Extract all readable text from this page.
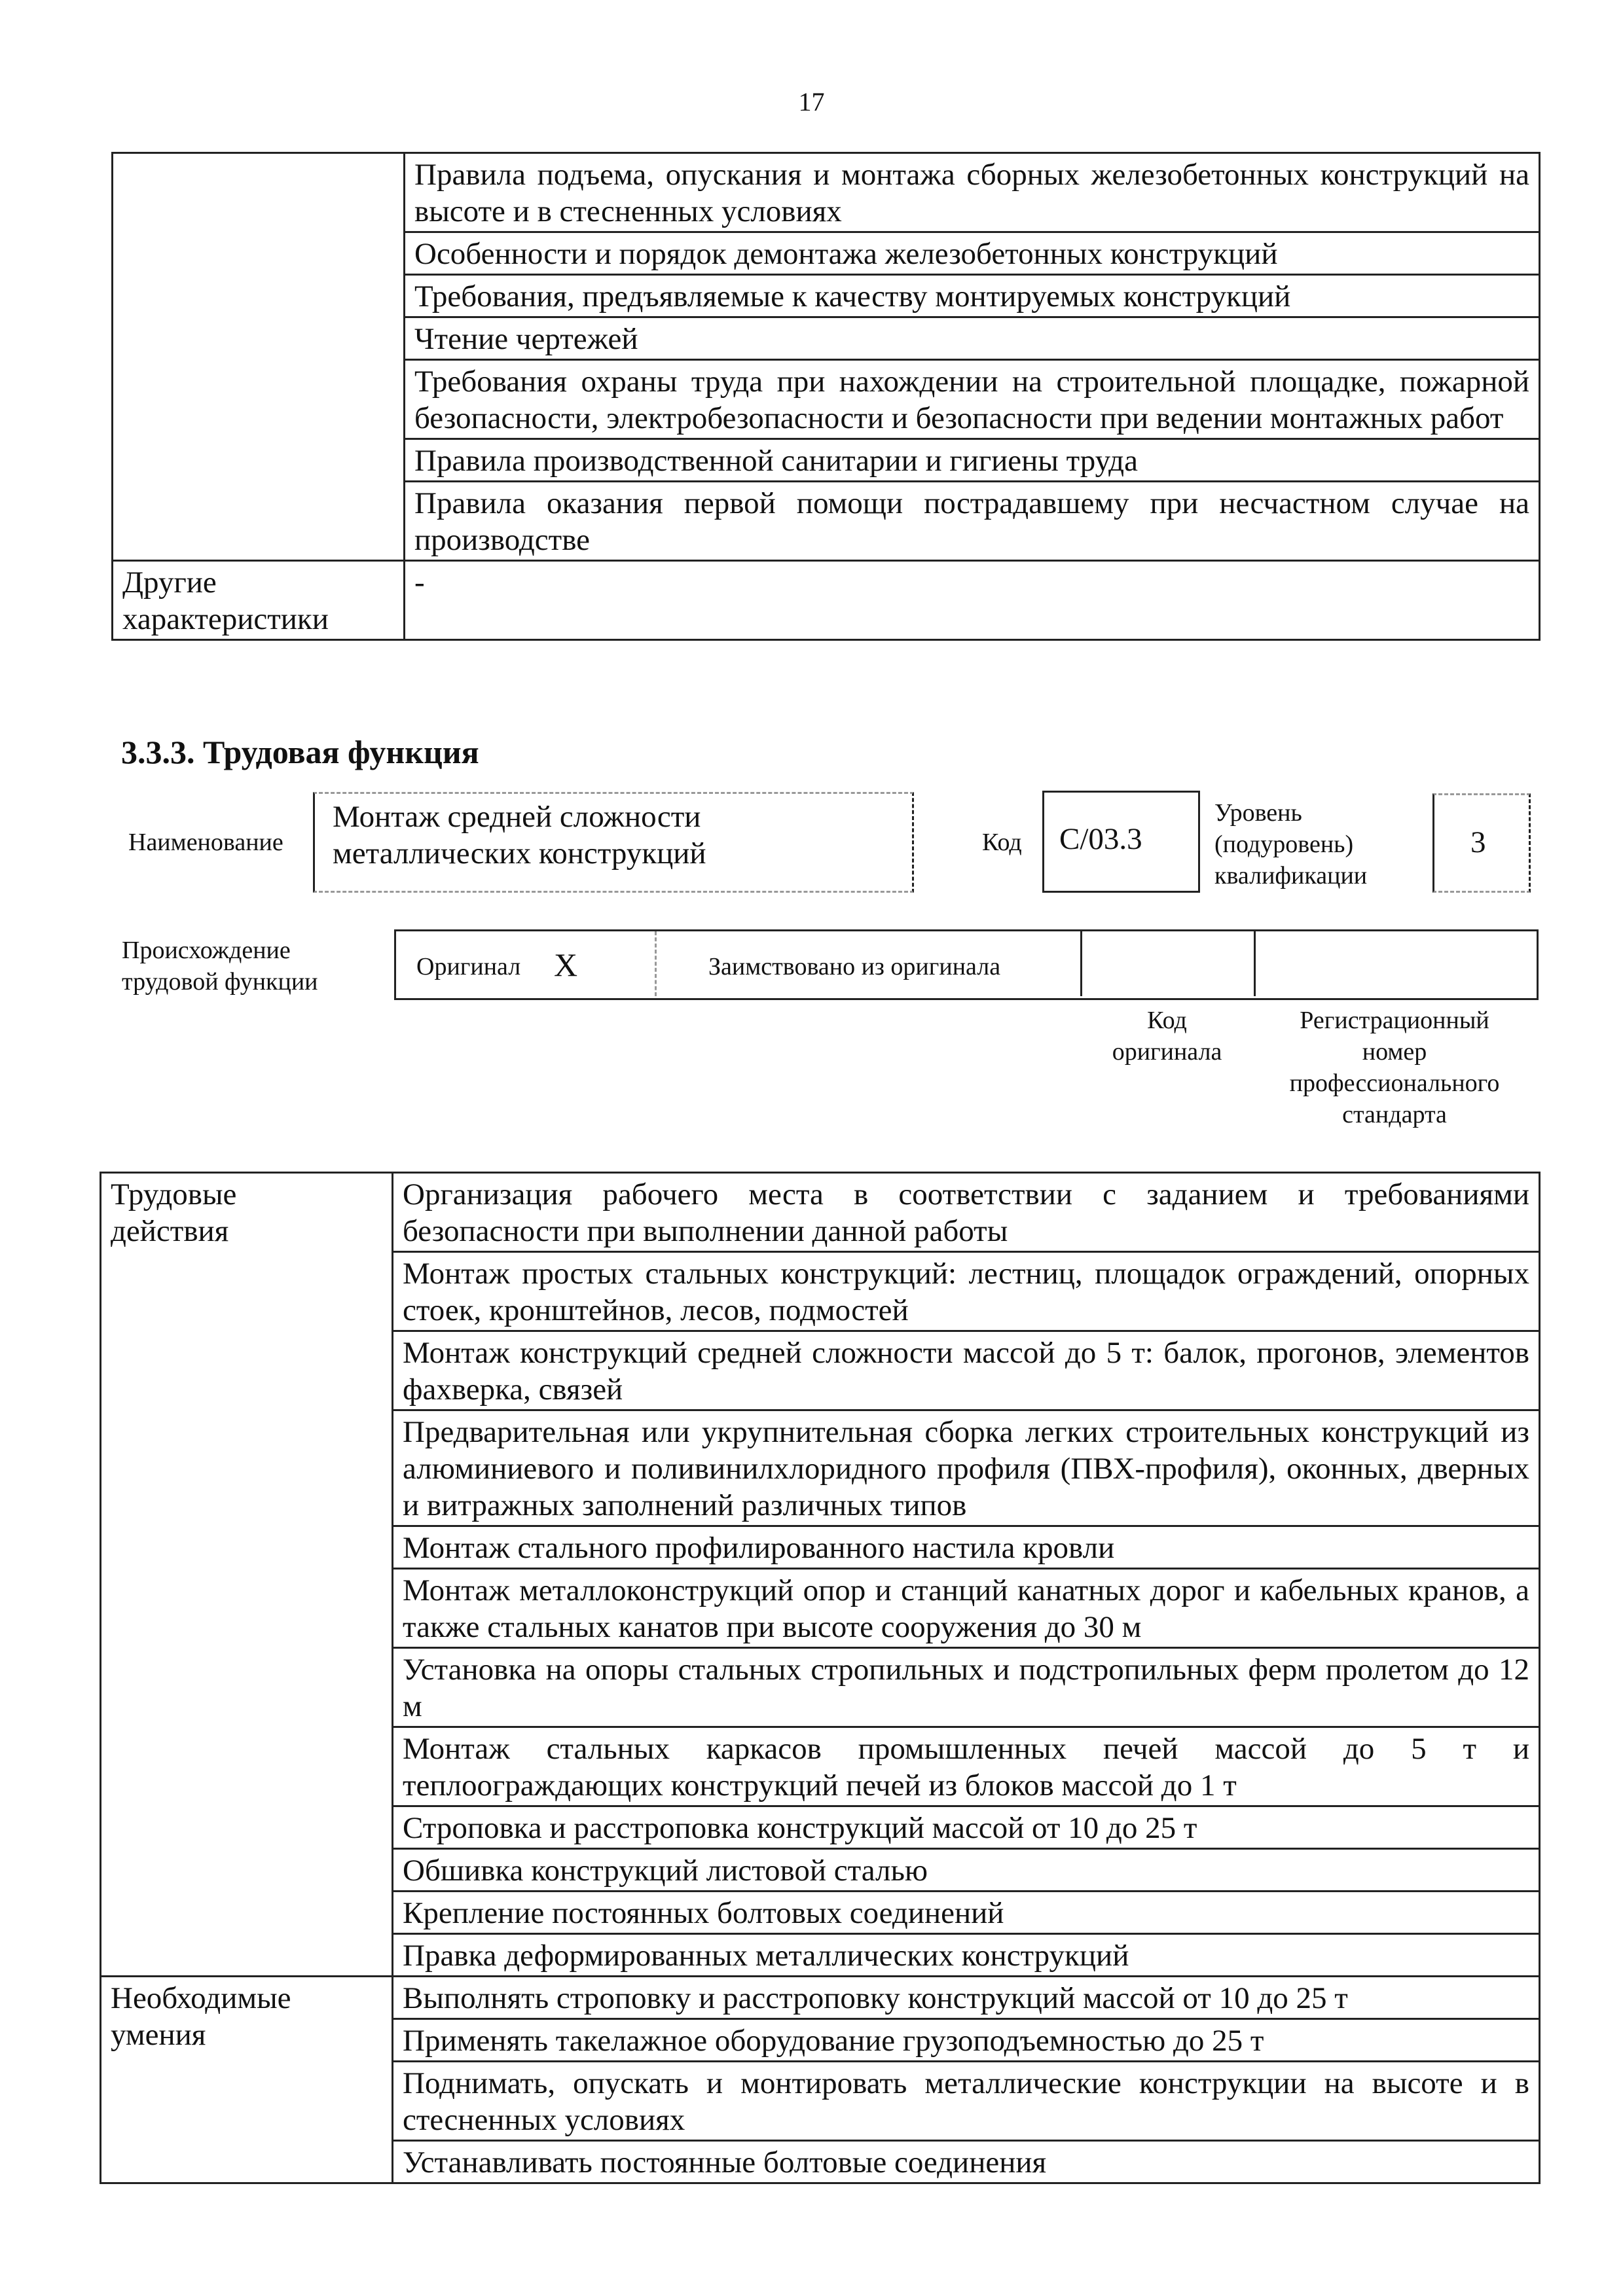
17
	Правила подъема, опускания и монтажа сборных железобетонных конструкций на высоте и в стесненных условиях
	Особенности и порядок демонтажа железобетонных конструкций
	Требования, предъявляемые к качеству монтируемых конструкций
	Чтение чертежей
	Требования охраны труда при нахождении на строительной площадке, пожарной безопасности, электробезопасности и безопасности при ведении монтажных работ
	Правила производственной санитарии и гигиены труда
	Правила оказания первой помощи пострадавшему при несчастном случае на производстве
Другие характеристики	-
3.3.3. Трудовая функция
Наименование
Монтаж средней сложности
металлических конструкций	Код С/03.3
Уровень
(подуровень)
квалификации
3
Происхождение
трудовой функции
Оригинал X	Заимствовано из оригинала
Код
оригинала
Регистрационный
номер
профессионального
стандарта
Трудовые
действия	Организация рабочего места в соответствии с заданием и требованиями безопасности при выполнении данной работы
	Монтаж простых стальных конструкций: лестниц, площадок ограждений, опорных стоек, кронштейнов, лесов, подмостей
	Монтаж конструкций средней сложности массой до 5 т: балок, прогонов, элементов фахверка, связей
	Предварительная или укрупнительная сборка легких строительных конструкций из алюминиевого и поливинилхлоридного профиля (ПВХ-профиля), оконных, дверных и витражных заполнений различных типов
	Монтаж стального профилированного настила кровли
	Монтаж металлоконструкций опор и станций канатных дорог и кабельных кранов, а также стальных канатов при высоте сооружения до 30 м
	Установка на опоры стальных стропильных и подстропильных ферм пролетом до 12 м
	Монтаж стальных каркасов промышленных печей массой до 5 т и теплоограждающих конструкций печей из блоков массой до 1 т
	Строповка и расстроповка конструкций массой от 10 до 25 т
	Обшивка конструкций листовой сталью
	Крепление постоянных болтовых соединений
	Правка деформированных металлических конструкций

Необходимые
умения	Выполнять строповку и расстроповку конструкций массой от 10 до 25 т
	Применять такелажное оборудование грузоподъемностью до 25 т
	Поднимать, опускать и монтировать металлические конструкции на высоте и в стесненных условиях
	Устанавливать постоянные болтовые соединения
